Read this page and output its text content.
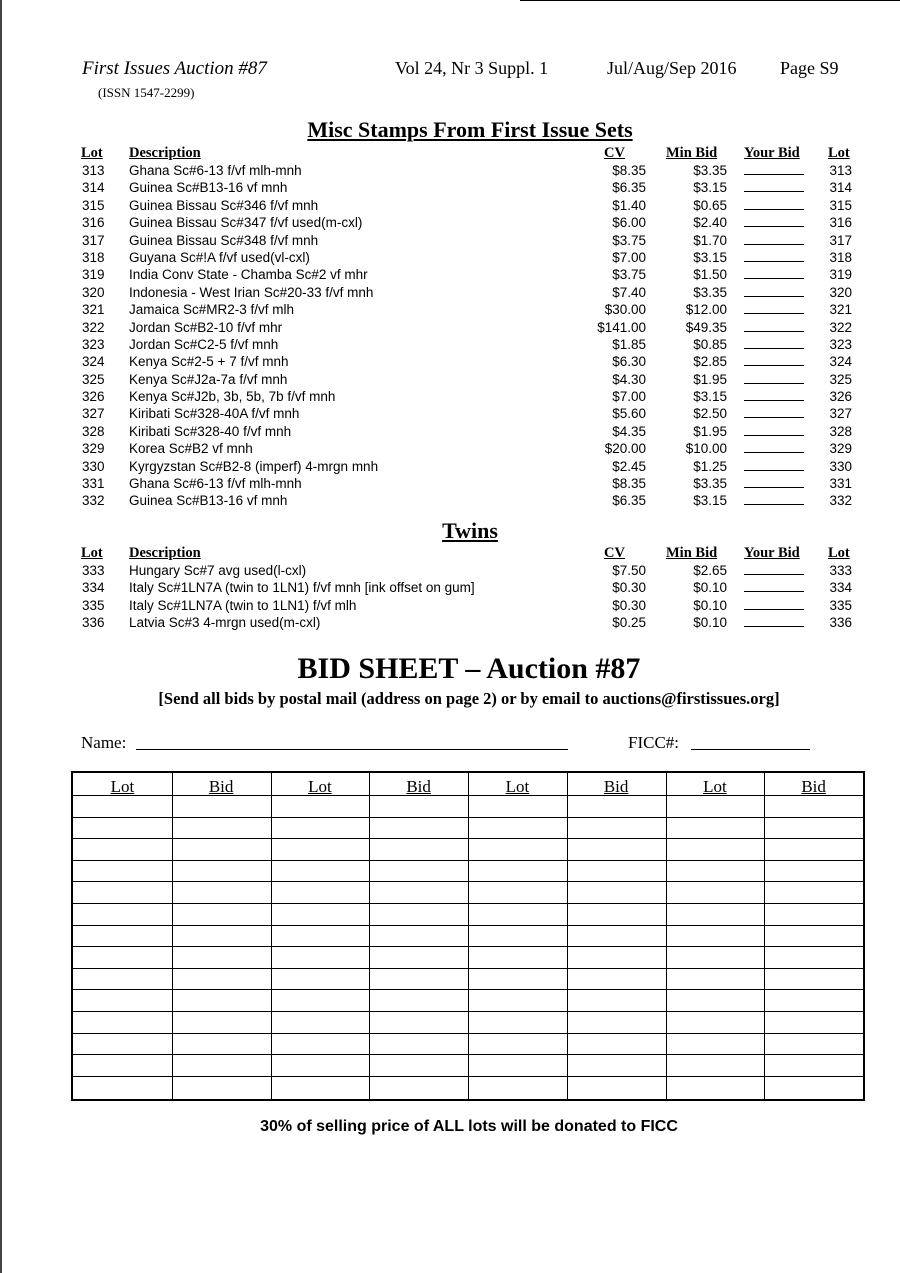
First Issues Auction #87	Vol 24, Nr 3 Suppl. 1	Jul/Aug/Sep 2016 Page S9
(ISSN 1547-2299)
Misc Stamps From First Issue Sets
Lot Description	CV	Min Bid Your Bid Lot
313 Ghana Sc#6-13 f/vf mlh-mnh	$8.35	$3.35	313
314 Guinea Sc#B13-16 vf mnh	$6.35	$3.15	314
315 Guinea Bissau Sc#346 f/vf mnh	$1.40	$0.65	315
316 Guinea Bissau Sc#347 f/vf used(m-cxl)	$6.00	$2.40	316
317 Guinea Bissau Sc#348 f/vf mnh	$3.75	$1.70	317
318 Guyana Sc#!A f/vf used(vl-cxl)	$7.00	$3.15	318
319 India Conv State - Chamba Sc#2 vf mhr	$3.75	$1.50	319
320 Indonesia - West Irian Sc#20-33 f/vf mnh	$7.40	$3.35	320
321 Jamaica Sc#MR2-3 f/vf mlh	$30.00	$12.00	321
322 Jordan Sc#B2-10 f/vf mhr	$141.00	$49.35	322
323 Jordan Sc#C2-5 f/vf mnh	$1.85	$0.85	323
324 Kenya Sc#2-5 + 7 f/vf mnh	$6.30	$2.85	324
325 Kenya Sc#J2a-7a f/vf mnh	$4.30	$1.95	325
326 Kenya Sc#J2b, 3b, 5b, 7b f/vf mnh	$7.00	$3.15	326
327 Kiribati Sc#328-40A f/vf mnh	$5.60	$2.50	327
328 Kiribati Sc#328-40 f/vf mnh	$4.35	$1.95	328
329 Korea Sc#B2 vf mnh	$20.00	$10.00	329
330 Kyrgyzstan Sc#B2-8 (imperf) 4-mrgn mnh	$2.45	$1.25	330
331 Ghana Sc#6-13 f/vf mlh-mnh	$8.35	$3.35	331
332 Guinea Sc#B13-16 vf mnh	$6.35	$3.15	332
Twins
Lot Description	CV	Min Bid Your Bid Lot
333 Hungary Sc#7 avg used(l-cxl)	$7.50	$2.65	333
334 Italy Sc#1LN7A (twin to 1LN1) f/vf mnh [ink offset on gum]	$0.30	$0.10	334
335 Italy Sc#1LN7A (twin to 1LN1) f/vf mlh	$0.30	$0.10	335
336 Latvia Sc#3 4-mrgn used(m-cxl)	$0.25	$0.10	336
BID SHEET – Auction #87
[Send all bids by postal mail (address on page 2) or by email to auctions@firstissues.org]
Name:	FICC#:
Lot	Bid	Lot	Bid	Lot	Bid	Lot	Bid
30% of selling price of ALL lots will be donated to FICC
